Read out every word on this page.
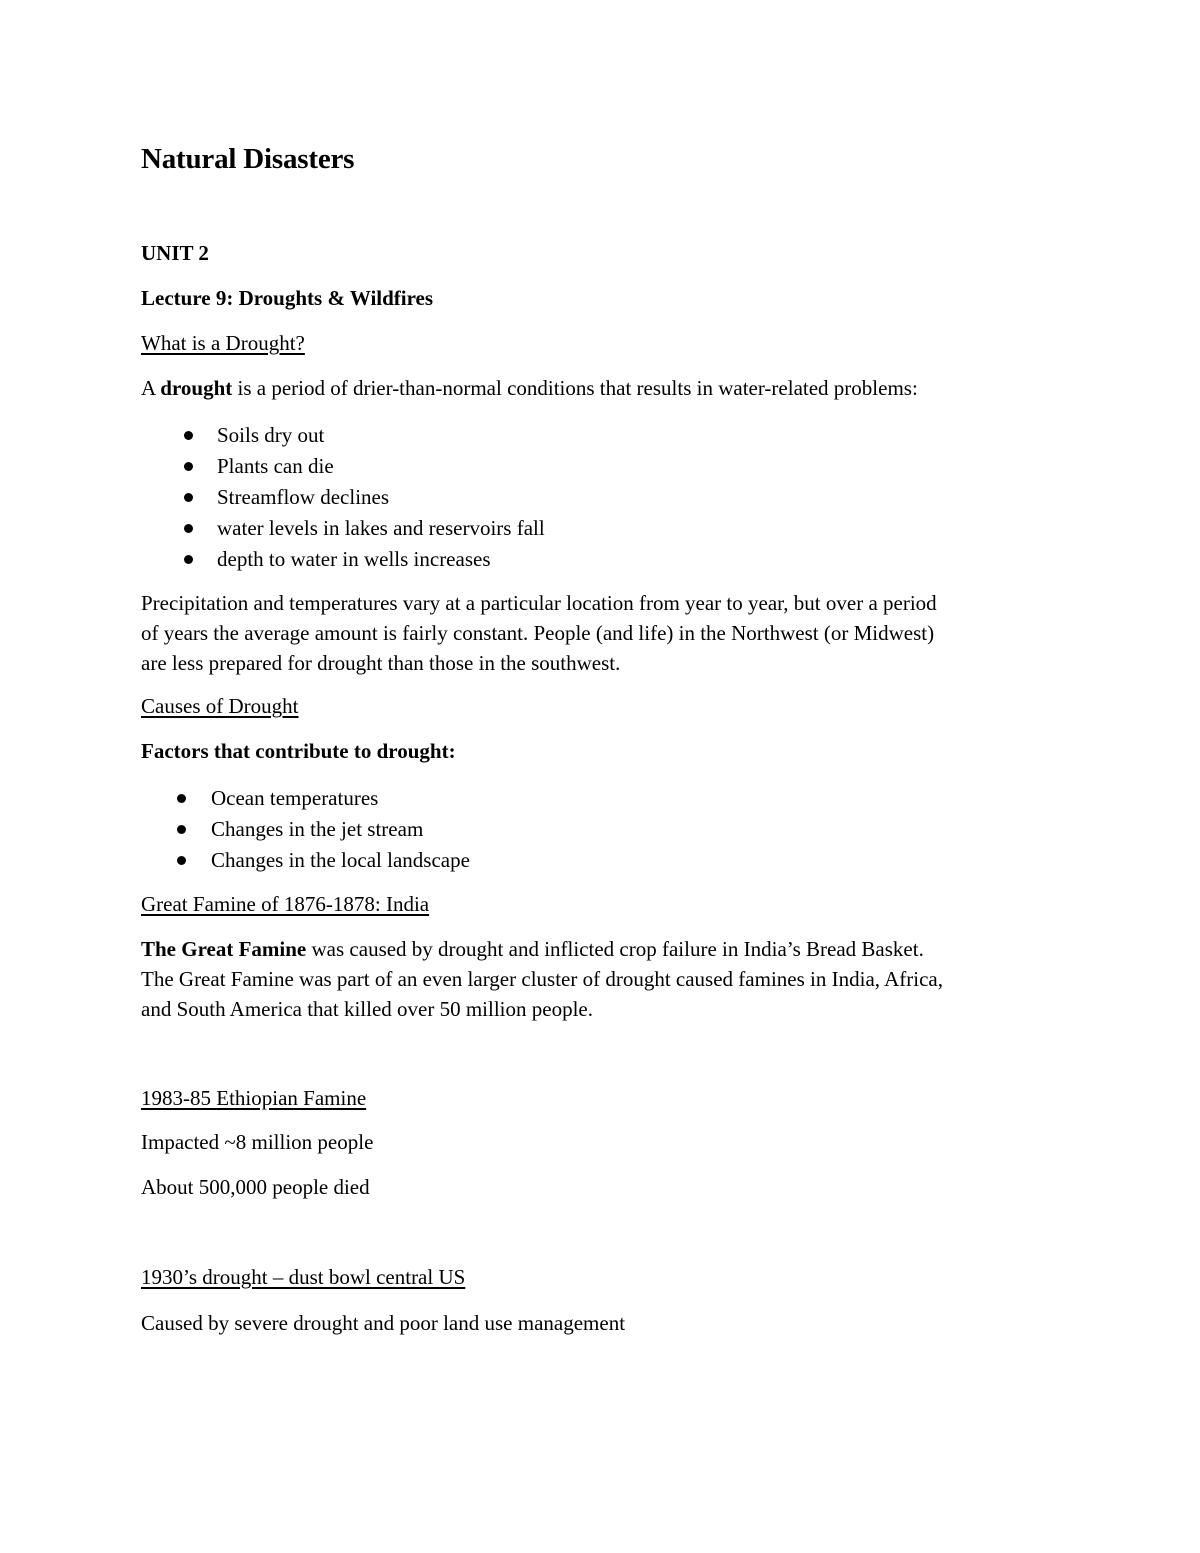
Natural Disasters
UNIT 2
Lecture 9: Droughts & Wildfires
What is a Drought?
A drought is a period of drier-than-normal conditions that results in water-related problems:
Soils dry out
Plants can die
Streamflow declines
water levels in lakes and reservoirs fall
depth to water in wells increases
Precipitation and temperatures vary at a particular location from year to year, but over a period
of years the average amount is fairly constant. People (and life) in the Northwest (or Midwest)
are less prepared for drought than those in the southwest.
Causes of Drought
Factors that contribute to drought:
Ocean temperatures
Changes in the jet stream
Changes in the local landscape
Great Famine of 1876-1878: India
The Great Famine was caused by drought and inflicted crop failure in India’s Bread Basket.
The Great Famine was part of an even larger cluster of drought caused famines in India, Africa,
and South America that killed over 50 million people.
1983-85 Ethiopian Famine
Impacted ~8 million people
About 500,000 people died
1930’s drought – dust bowl central US
Caused by severe drought and poor land use management
